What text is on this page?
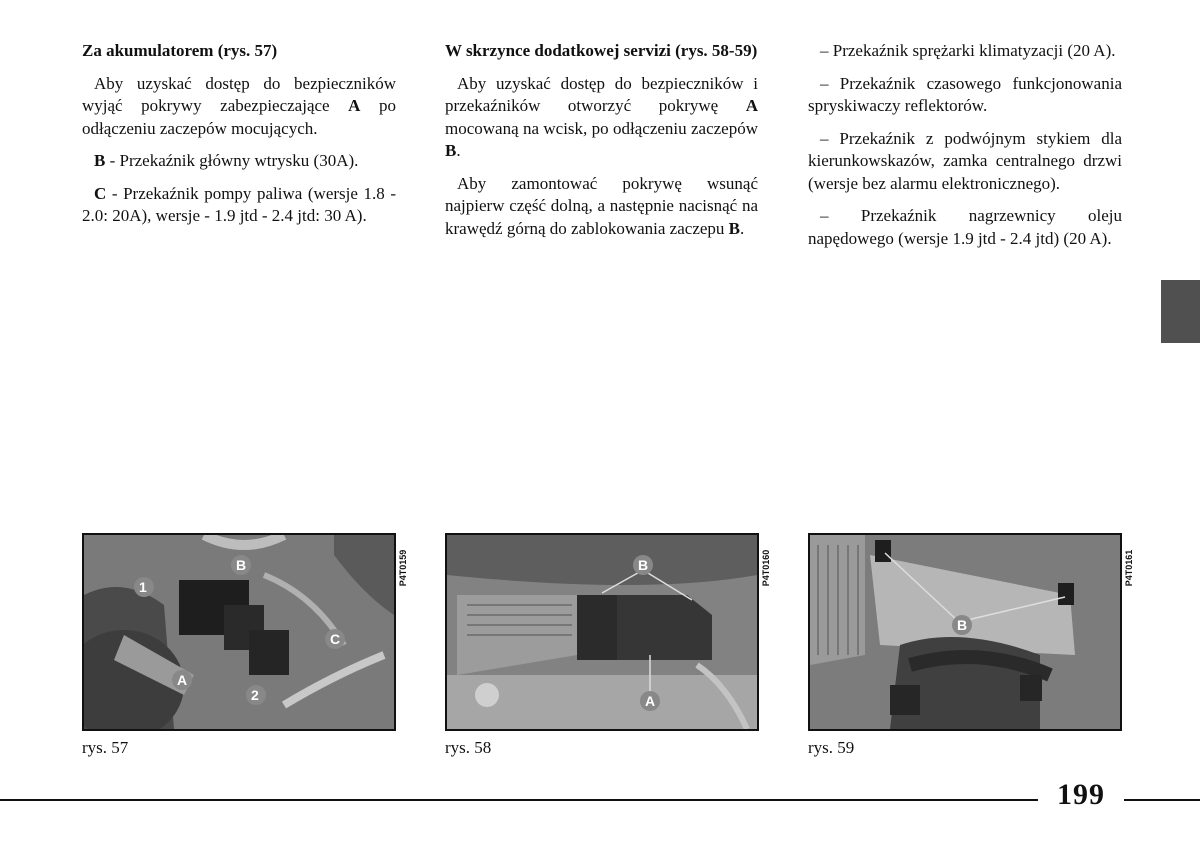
Za akumulatorem (rys. 57)

Aby uzyskać dostęp do bezpieczników wyjąć pokrywy zabezpieczające A po odłączeniu zaczepów mocujących.

B - Przekaźnik główny wtrysku (30A).

C - Przekaźnik pompy paliwa (wersje 1.8 - 2.0: 20A), wersje - 1.9 jtd - 2.4 jtd: 30 A).

W skrzynce dodatkowej servizi (rys. 58-59)

Aby uzyskać dostęp do bezpieczników i przekaźników otworzyć pokrywę A mocowaną na wcisk, po odłączeniu zaczepów B.

Aby zamontować pokrywę wsunąć najpierw część dolną, a następnie nacisnąć na krawędź górną do zablokowania zaczepu B.

– Przekaźnik sprężarki klimatyzacji (20 A).

– Przekaźnik czasowego funkcjonowania spryskiwaczy reflektorów.

– Przekaźnik z podwójnym stykiem dla kierunkowskazów, zamka centralnego drzwi (wersje bez alarmu elektronicznego).

– Przekaźnik nagrzewnicy oleju napędowego (wersje 1.9 jtd - 2.4 jtd) (20 A).

1
B
C
A
2
P4T0159
rys. 57
B
A
P4T0160
rys. 58
B
P4T0161
rys. 59
199
